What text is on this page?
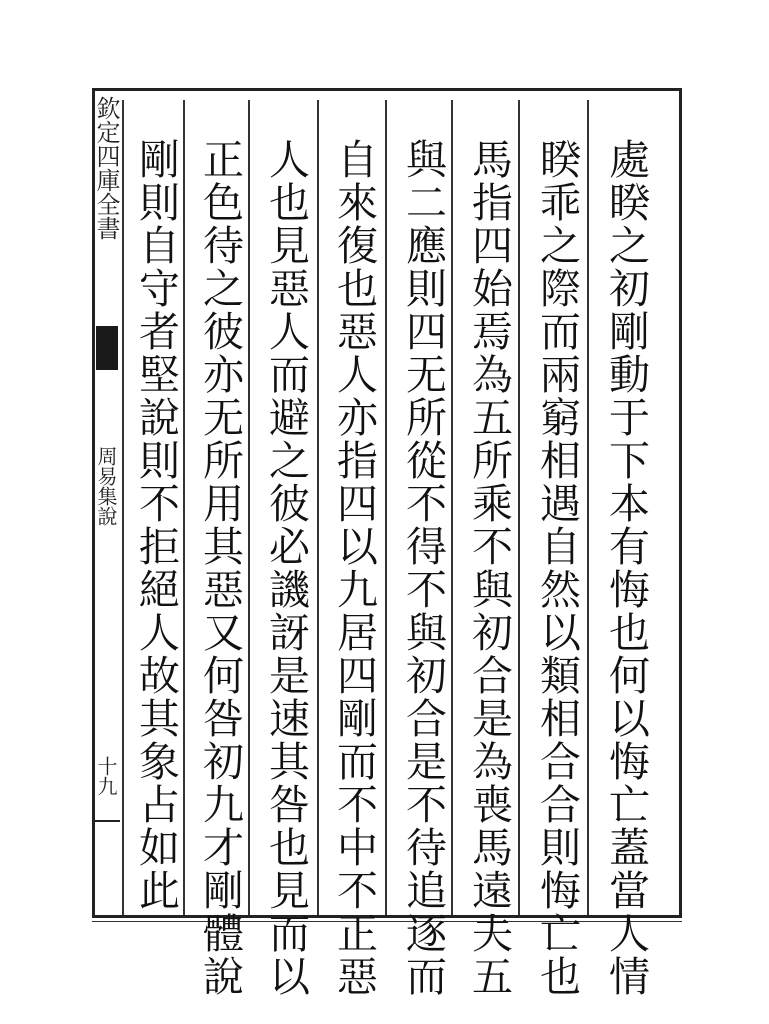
欽定四庫全書
周易集說
十九	處睽之初剛動于下本有悔也何以悔亡蓋當人情
睽乖之際而兩窮相遇自然以類相合合則悔亡也
馬指四始焉為五所乘不與初合是為喪馬遠夫五
與二應則四无所從不得不與初合是不待追逐而
自來復也惡人亦指四以九居四剛而不中不正惡
人也見惡人而避之彼必譏訝是速其咎也見而以
正色待之彼亦无所用其惡又何咎初九才剛體說
剛則自守者堅說則不拒絕人故其象占如此
